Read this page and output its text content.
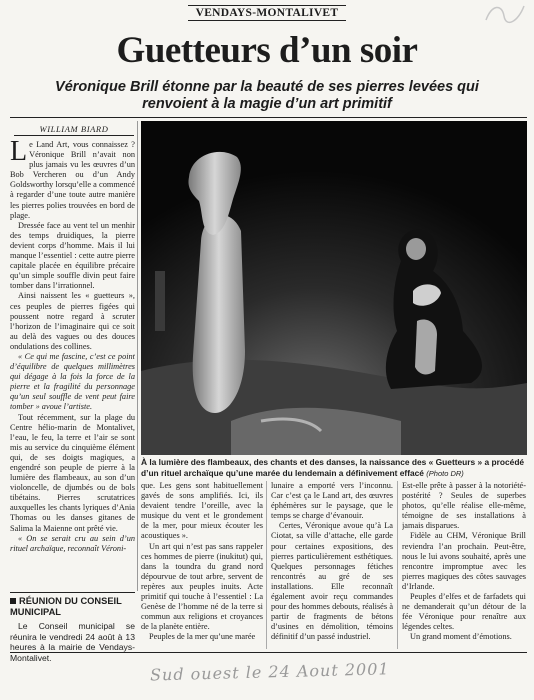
VENDAYS-MONTALIVET
Guetteurs d’un soir
Véronique Brill étonne par la beauté de ses pierres levées qui renvoient à la magie d’un art primitif
WILLIAM BIARD

Le Land Art, vous connaissez ? Véronique Brill n’avait non plus jamais vu les œuvres d’un Bob Vercheren ou d’un Andy Goldsworthy lorsqu’elle a commencé à regarder d’une toute autre manière les pierres polies trouvées en bord de plage.

Dressée face au vent tel un menhir des temps druidiques, la pierre devient corps d’homme. Mais il lui manque l’essentiel : cette autre pierre capitale placée en équilibre précaire qu’un simple souffle divin peut faire tomber dans l’irrationnel.

Ainsi naissent les « guetteurs », ces peuples de pierres figées qui poussent notre regard à scruter l’horizon de l’imaginaire qui ce soit au delà des vagues ou des douces ondulations des collines.

« Ce qui me fascine, c’est ce point d’équilibre de quelques millimètres qui dégage à la fois la force de la pierre et la fragilité du personnage qu’un seul souffle de vent peut faire tomber » avoue l’artiste.

Tout récemment, sur la plage du Centre hélio-marin de Montalivet, l’eau, le feu, la terre et l’air se sont mis au service du cinquième élément qui, de ses doigts magiques, a engendré son peuple de pierre à la lumière des flambeaux, au son d’un violoncelle, de djumbés ou de bols tibétains. Pierres scrutatrices auxquelles les chants lyriques d’Ania Thomas ou les danses gitanes de Salima la Maienne ont prêté vie.

« On se serait cru au sein d’un rituel archaïque, reconnaît Véroni-

À la lumière des flambeaux, des chants et des danses, la naissance des « Guetteurs » a procédé d’un rituel archaïque qu’une marée du lendemain a définivement effacé (Photo DR)

que. Les gens sont habituellement gavés de sons amplifiés. Ici, ils devaient tendre l’oreille, avec la musique du vent et le grondement de la mer, pour mieux écouter les acoustiques ».

Un art qui n’est pas sans rappeler ces hommes de pierre (inukitut) qui, dans la toundra du grand nord dépourvue de tout arbre, servent de repères aux peuples inuits. Acte primitif qui touche à l’essentiel : La Genèse de l’homme né de la terre si commun aux religions et croyances de la planète entière.

Peuples de la mer qu’une marée

lunaire a emporté vers l’inconnu. Car c’est ça le Land art, des œuvres éphémères sur le paysage, que le temps se charge d’évanouir.

Certes, Véronique avoue qu’à La Ciotat, sa ville d’attache, elle garde pour certaines expositions, des pierres particulièrement esthétiques. Quelques personnages fétiches rencontrés au gré de ses installations. Elle reconnaît également avoir reçu commandes pour des hommes debouts, réalisés à partir de fragments de bétons d’usines en démolition, témoins définitif d’un passé industriel.

Est-elle prête à passer à la notoriété-postérité ? Seules de superbes photos, qu’elle réalise elle-même, témoigne de ses installations à jamais disparues.

Fidèle au CHM, Véronique Brill reviendra l’an prochain. Peut-être, nous le lui avons souhaité, après une rencontre impromptue avec les pierres magiques des côtes sauvages d’Irlande.

Peuples d’elfes et de farfadets qui ne demanderait qu’un détour de la fée Véronique pour renaître aux légendes celtes.

Un grand moment d’émotions.

RÉUNION DU CONSEIL MUNICIPAL
Le Conseil municipal se réunira le vendredi 24 août à 13 heures à la mairie de Vendays-Montalivet.
Sud ouest le 24 Aout 2001
